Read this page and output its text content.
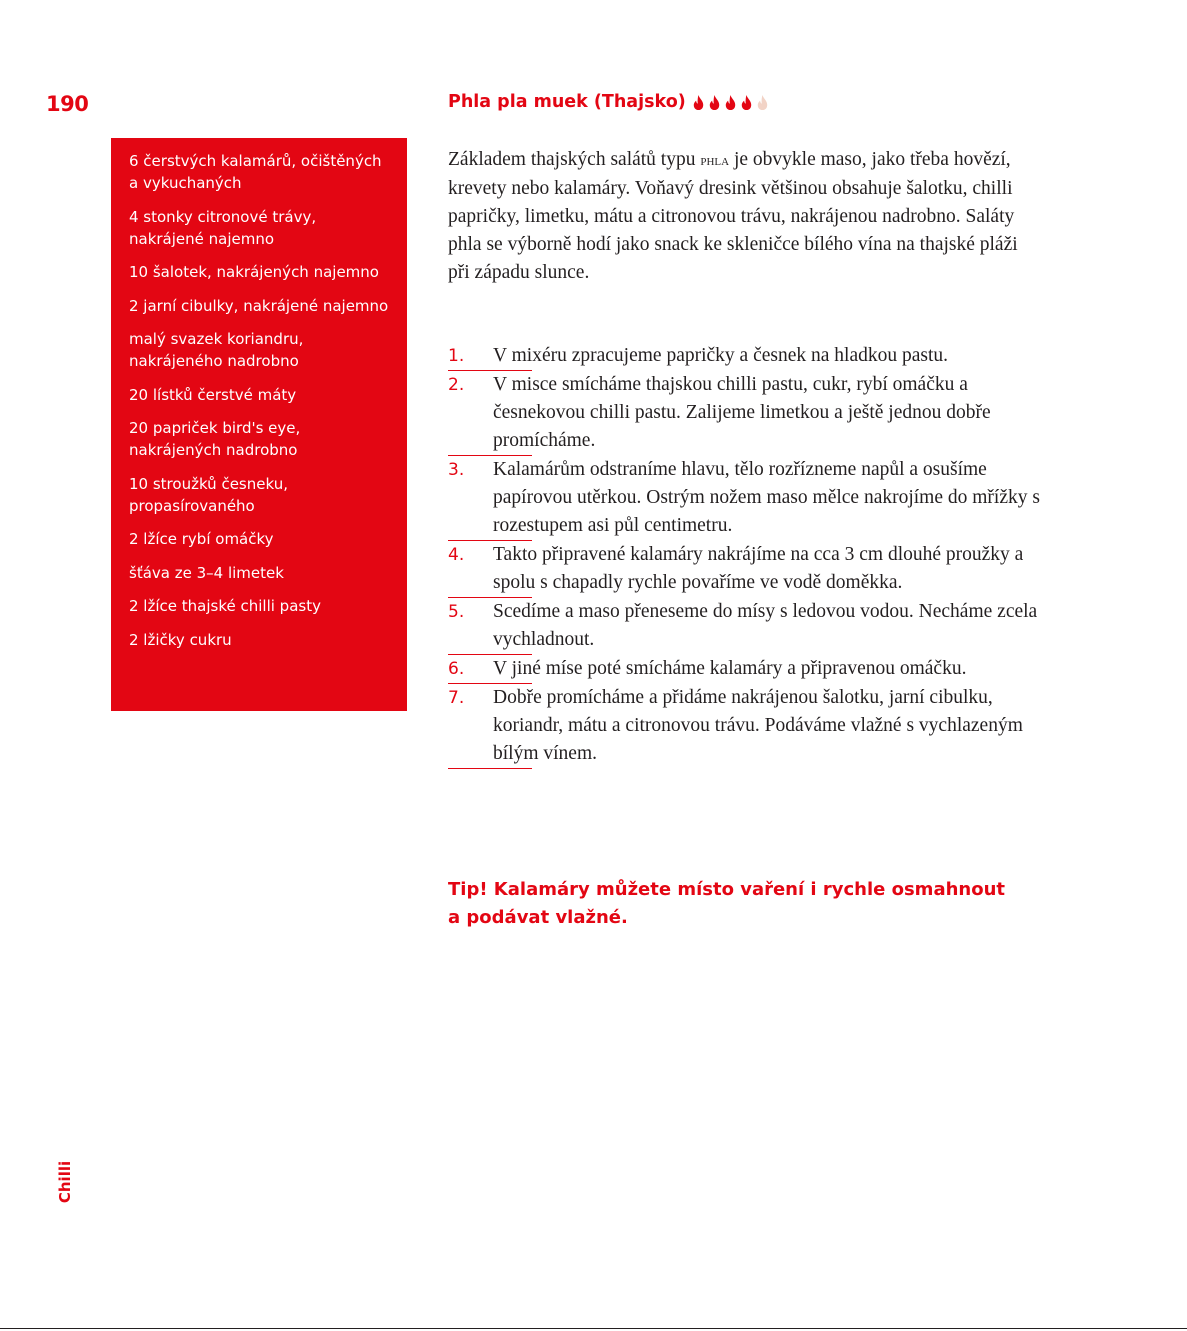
190
6 čerstvých kalamárů, očištěných a vykuchaných
4 stonky citronové trávy, nakrájené najemno
10 šalotek, nakrájených najemno
2 jarní cibulky, nakrájené najemno
malý svazek koriandru, nakrájeného nadrobno
20 lístků čerstvé máty
20 papriček bird's eye, nakrájených nadrobno
10 stroužků česneku, propasírovaného
2 lžíce rybí omáčky
šťáva ze 3–4 limetek
2 lžíce thajské chilli pasty
2 lžičky cukru
Phla pla muek (Thajsko)

Základem thajských salátů typu phla je obvykle maso, jako třeba hovězí, krevety nebo kalamáry. Voňavý dresink většinou obsahuje šalotku, chilli papričky, limetku, mátu a citronovou trávu, nakrájenou nadrobno. Saláty phla se výborně hodí jako snack ke skleničce bílého vína na thajské pláži při západu slunce.

1. V mixéru zpracujeme papričky a česnek na hladkou pastu.
2. V misce smícháme thajskou chilli pastu, cukr, rybí omáčku a česnekovou chilli pastu. Zalijeme limetkou a ještě jednou dobře promícháme.
3. Kalamárům odstraníme hlavu, tělo rozřízneme napůl a osušíme papírovou utěrkou. Ostrým nožem maso mělce nakrojíme do mřížky s rozestupem asi půl centimetru.
4. Takto připravené kalamáry nakrájíme na cca 3 cm dlouhé proužky a spolu s chapadly rychle povaříme ve vodě doměkka.
5. Scedíme a maso přeneseme do mísy s ledovou vodou. Necháme zcela vychladnout.
6. V jiné míse poté smícháme kalamáry a připravenou omáčku.
7. Dobře promícháme a přidáme nakrájenou šalotku, jarní cibulku, koriandr, mátu a citronovou trávu. Podáváme vlažné s vychlazeným bílým vínem.

Tip! Kalamáry můžete místo vaření i rychle osmahnout a podávat vlažné.

Chilli
